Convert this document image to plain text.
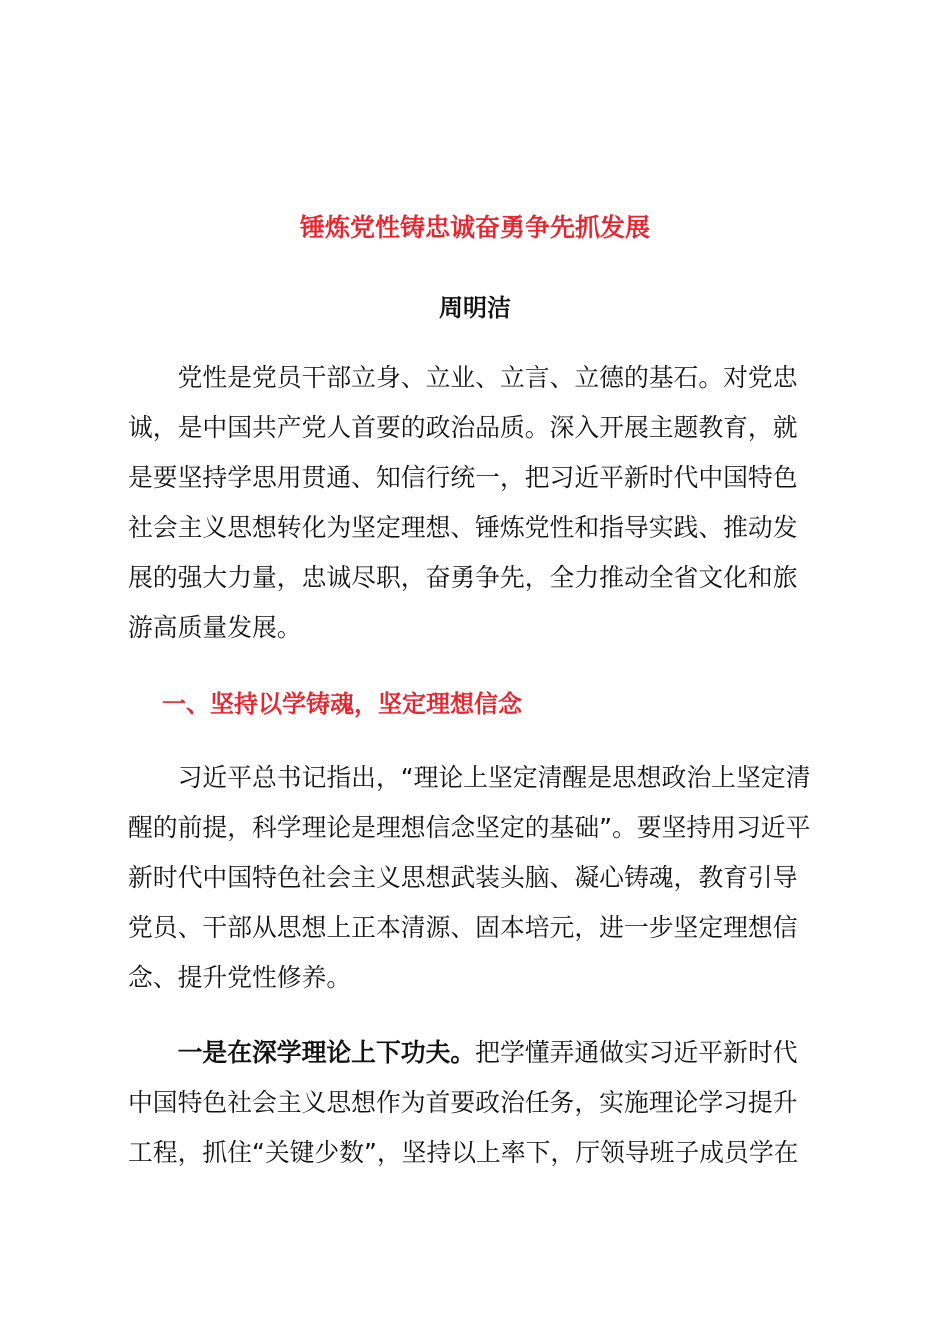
锤炼党性铸忠诚奋勇争先抓发展
周明洁

党性是党员干部立身、立业、立言、立德的基石。对党忠诚，是中国共产党人首要的政治品质。深入开展主题教育，就是要坚持学思用贯通、知信行统一，把习近平新时代中国特色社会主义思想转化为坚定理想、锤炼党性和指导实践、推动发展的强大力量，忠诚尽职，奋勇争先，全力推动全省文化和旅游高质量发展。

一、坚持以学铸魂，坚定理想信念

习近平总书记指出，“理论上坚定清醒是思想政治上坚定清醒的前提，科学理论是理想信念坚定的基础”。要坚持用习近平新时代中国特色社会主义思想武装头脑、凝心铸魂，教育引导党员、干部从思想上正本清源、固本培元，进一步坚定理想信念、提升党性修养。

一是在深学理论上下功夫。把学懂弄通做实习近平新时代中国特色社会主义思想作为首要政治任务，实施理论学习提升工程，抓住“关键少数”，坚持以上率下，厅领导班子成员学在
